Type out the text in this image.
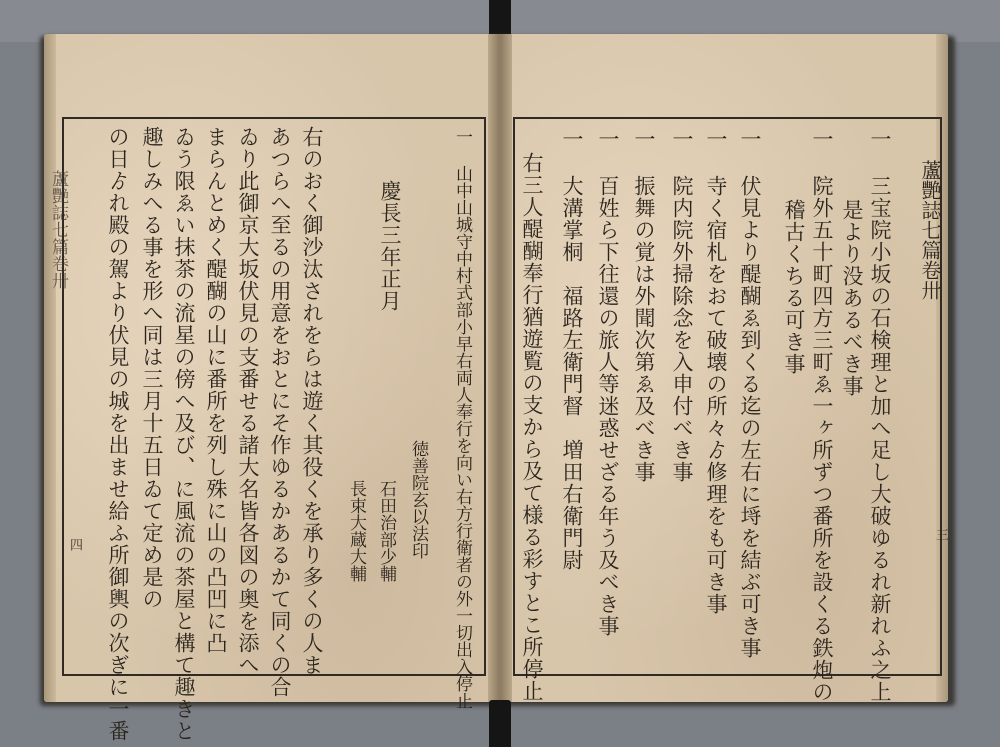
蘆艷誌七篇卷卅	蘆艷誌七篇卷卅
三
四	一 三宝院小坂の石検理と加へ足し大破ゆるれ新れふ之上
　 是より没あるべき事
一 院外五十町四方三町ゑ一ヶ所ずつ番所を設くる鉄炮の
　 稽古くちる可き事
一 伏見より醍醐ゑ到くる迄の左右に埓を結ぶ可き事
一 寺く宿札をおて破壊の所々ゟ修理をも可き事
一 院内院外掃除念を入申付べき事
一 振舞の覚は外聞次第ゑ及べき事
一 百姓ら下往還の旅人等迷惑せざる年う及べき事
一 大溝掌桐　福路左衛門督　増田右衛門尉
右三人醍醐奉行猶遊覧の支から及て様る彩すとこ所停止
一 山中山城守中村式部小早右両人奉行を向い右方行衛者の外一切出入停止
慶長三年正月
徳善院玄以法印
石田治部少輔
長束大蔵大輔
右のおく御沙汰されをらは遊く其役くを承り多くの人ま
あつらへ至るの用意をおとにそ作ゆるかあるかて同くの合
ゐり此御京大坂伏見の支番せる諸大名皆各図の奥を添へ
まらんとめく醍醐の山に番所を列し殊に山の凸凹に凸
ゐう限ゑい抹茶の流星の傍へ及び、に風流の茶屋と構て趣きと
趣しみへる事を形へ同は三月十五日ゐて定め是の
の日ゟれ殿の駕より伏見の城を出ませ給ふ所御輿の次ぎに一番
